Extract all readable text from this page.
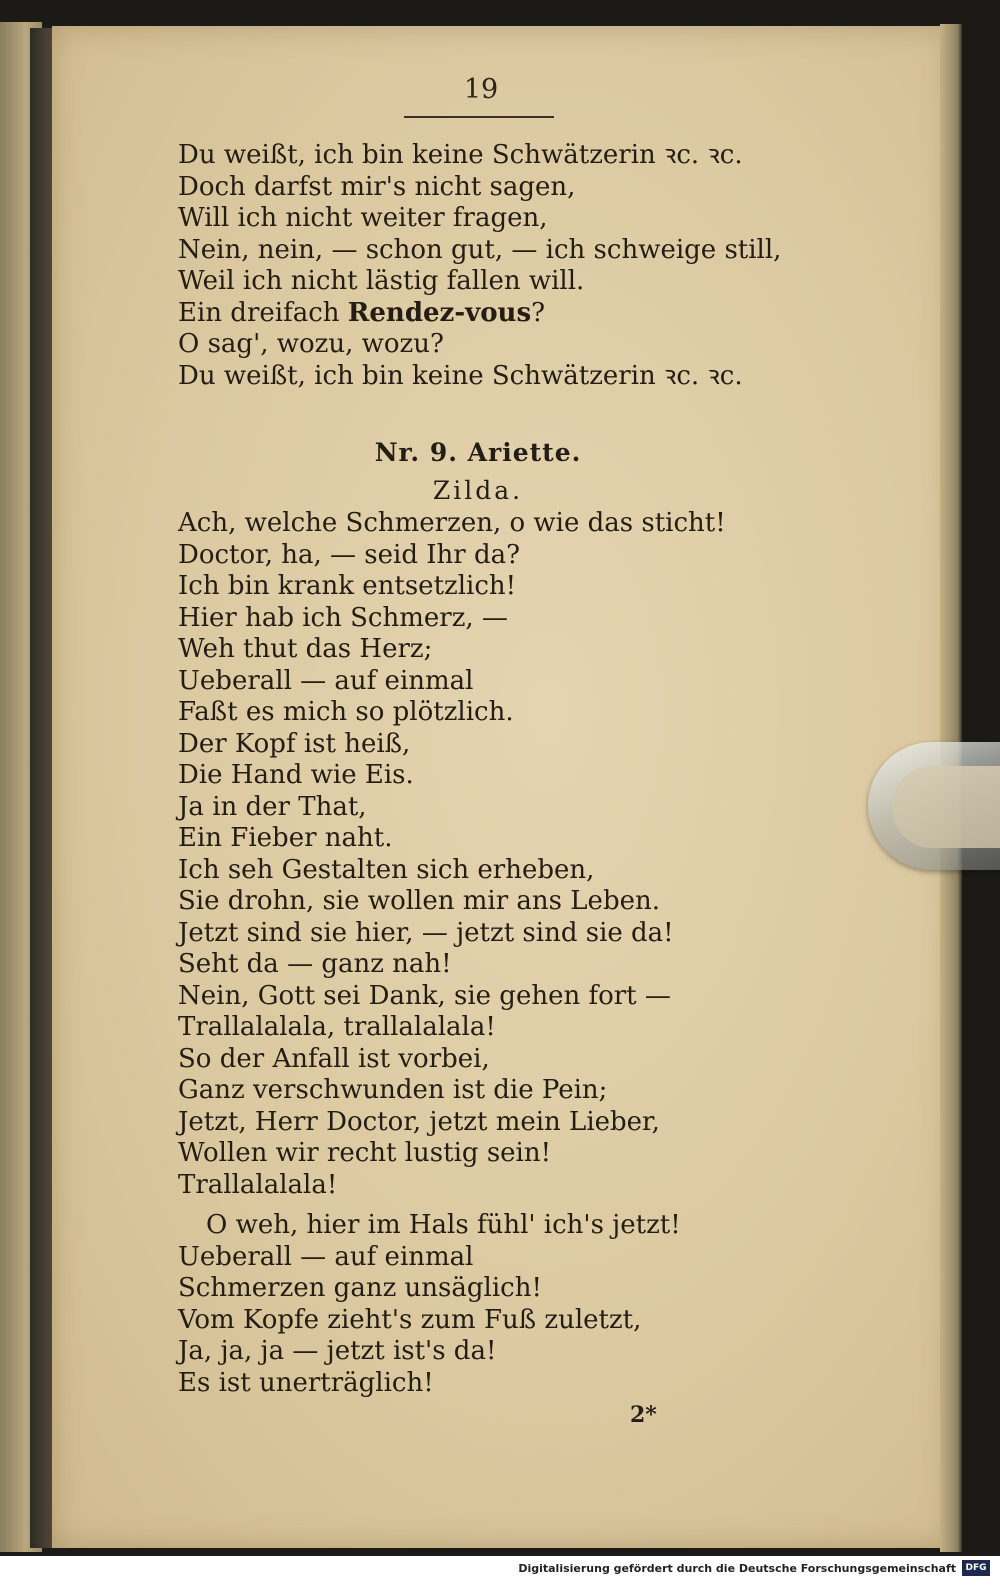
19
Du weißt, ich bin keine Schwätzerin ꝛc. ꝛc.
Doch darfst mir's nicht sagen,
Will ich nicht weiter fragen,
Nein, nein, — schon gut, — ich schweige still,
Weil ich nicht lästig fallen will.
Ein dreifach Rendez-vous?
O sag', wozu, wozu?
Du weißt, ich bin keine Schwätzerin ꝛc. ꝛc.
Nr. 9. Ariette.
Zilda.
Ach, welche Schmerzen, o wie das sticht!
Doctor, ha, — seid Ihr da?
Ich bin krank entsetzlich!
Hier hab ich Schmerz, —
Weh thut das Herz;
Ueberall — auf einmal
Faßt es mich so plötzlich.
Der Kopf ist heiß,
Die Hand wie Eis.
Ja in der That,
Ein Fieber naht.
Ich seh Gestalten sich erheben,
Sie drohn, sie wollen mir ans Leben.
Jetzt sind sie hier, — jetzt sind sie da!
Seht da — ganz nah!
Nein, Gott sei Dank, sie gehen fort —
Trallalalala, trallalalala!
So der Anfall ist vorbei,
Ganz verschwunden ist die Pein;
Jetzt, Herr Doctor, jetzt mein Lieber,
Wollen wir recht lustig sein!
Trallalalala!
O weh, hier im Hals fühl' ich's jetzt!
Ueberall — auf einmal
Schmerzen ganz unsäglich!
Vom Kopfe zieht's zum Fuß zuletzt,
Ja, ja, ja — jetzt ist's da!
Es ist unerträglich!
2*
Digitalisierung gefördert durch die Deutsche Forschungsgemeinschaft	DFG
